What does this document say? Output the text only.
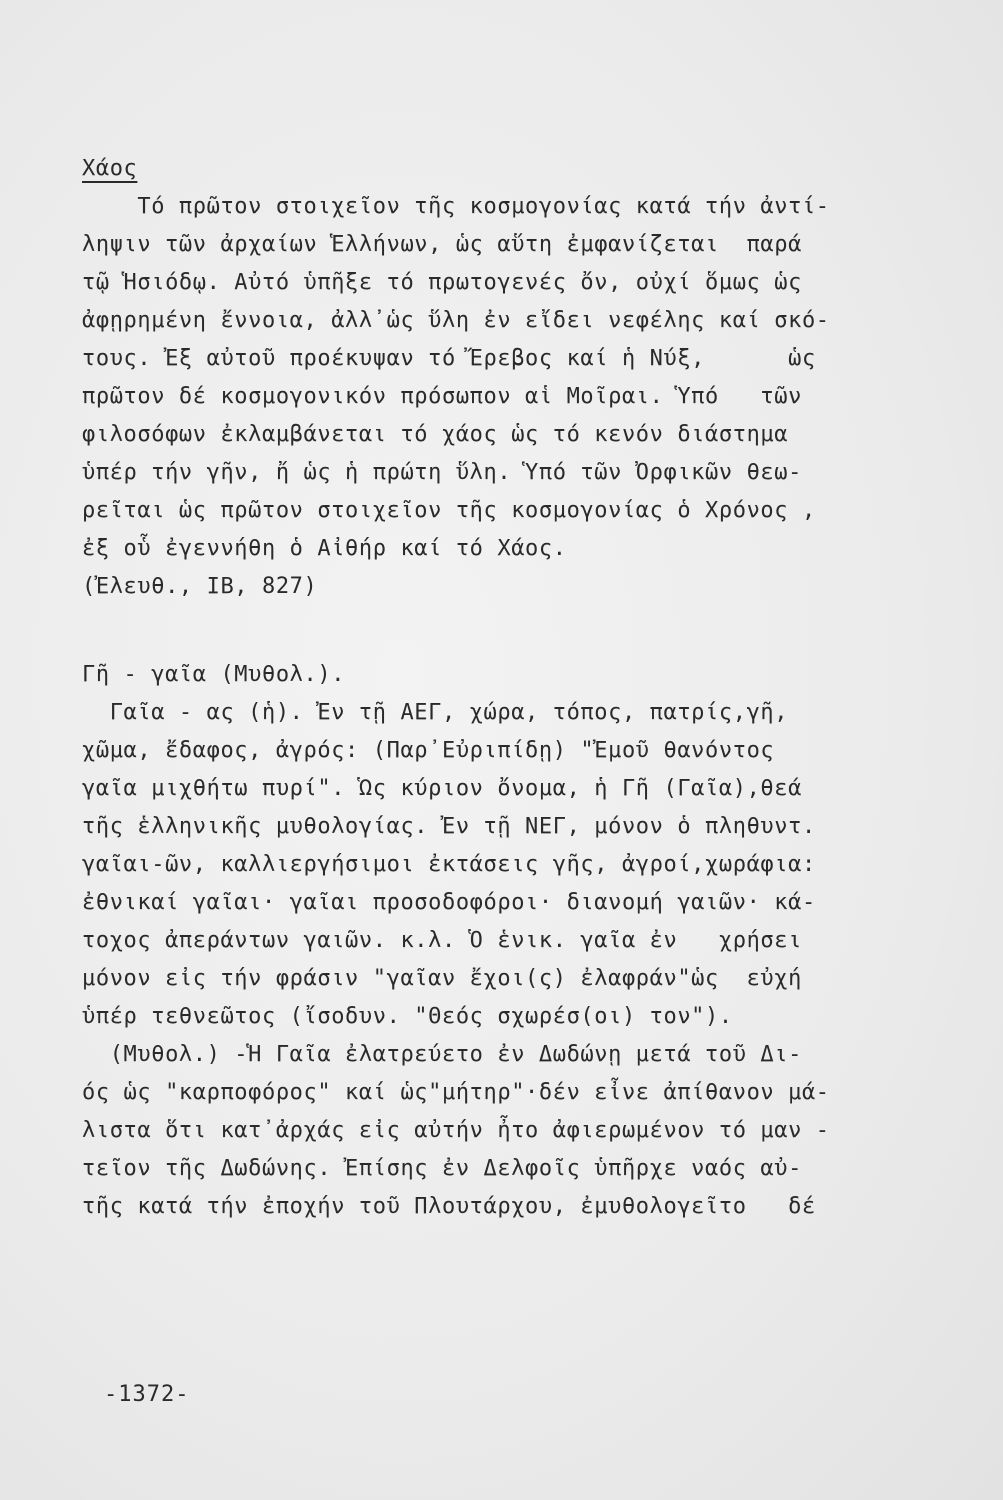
Χάος
Τό πρῶτον στοιχεῖον τῆς κοσμογονίας κατά τήν ἀντί-
ληψιν τῶν ἀρχαίων Ἑλλήνων, ὡς αὕτη ἐμφανίζεται  παρά
τῷ Ἡσιόδῳ. Αὐτό ὑπῆξε τό πρωτογενές ὄν, οὐχί ὅμως ὡς
ἀφῃρημένη ἔννοια, ἀλλ᾽ὡς ὕλη ἐν εἴδει νεφέλης καί σκό-
τους. Ἐξ αὐτοῦ προέκυψαν τό Ἔρεβος καί ἡ Νύξ,      ὡς
πρῶτον δέ κοσμογονικόν πρόσωπον αἱ Μοῖραι. Ὑπό   τῶν
φιλοσόφων ἐκλαμβάνεται τό χάος ὡς τό κενόν διάστημα
ὑπέρ τήν γῆν, ἤ ὡς ἡ πρώτη ὕλη. Ὑπό τῶν Ὀρφικῶν θεω-
ρεῖται ὡς πρῶτον στοιχεῖον τῆς κοσμογονίας ὁ Χρόνος ,
ἐξ οὗ ἐγεννήθη ὁ Αἰθήρ καί τό Χάος.
(Ἐλευθ., ΙΒ, 827)
Γῆ - γαῖα (Μυθολ.).
Γαῖα - ας (ἡ). Ἐν τῇ ΑΕΓ, χώρα, τόπος, πατρίς,γῆ,
χῶμα, ἔδαφος, ἀγρός: (Παρ᾽Εὐριπίδῃ) "Ἐμοῦ θανόντος
γαῖα μιχθήτω πυρί". Ὡς κύριον ὄνομα, ἡ Γῆ (Γαῖα),θεά
τῆς ἑλληνικῆς μυθολογίας. Ἐν τῇ ΝΕΓ, μόνον ὁ πληθυντ.
γαῖαι-ῶν, καλλιεργήσιμοι ἐκτάσεις γῆς, ἀγροί,χωράφια:
ἐθνικαί γαῖαι· γαῖαι προσοδοφόροι· διανομή γαιῶν· κά-
τοχος ἀπεράντων γαιῶν. κ.λ. Ὁ ἑνικ. γαῖα ἐν   χρήσει
μόνον εἰς τήν φράσιν "γαῖαν ἔχοι(ς) ἐλαφράν"ὡς  εὐχή
ὑπέρ τεθνεῶτος (ἴσοδυν. "Θεός σχωρέσ(οι) τον").
(Μυθολ.) -Ἡ Γαῖα ἐλατρεύετο ἐν Δωδώνῃ μετά τοῦ Δι-
ός ὡς "καρποφόρος" καί ὡς"μήτηρ"·δέν εἶνε ἀπίθανον μά-
λιστα ὅτι κατ᾽ἀρχάς εἰς αὐτήν ἦτο ἀφιερωμένον τό μαν -
τεῖον τῆς Δωδώνης. Ἐπίσης ἐν Δελφοῖς ὑπῆρχε ναός αὐ-
τῆς κατά τήν ἐποχήν τοῦ Πλουτάρχου, ἐμυθολογεῖτο   δέ
-1372-
